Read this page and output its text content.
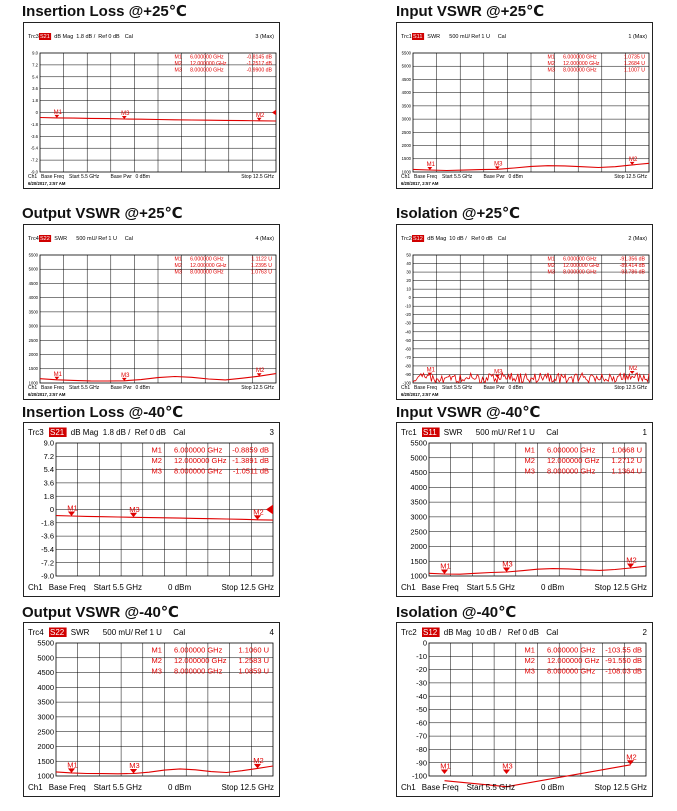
Insertion Loss @+25℃	Input VSWR @+25℃
Output VSWR @+25℃	Isolation @+25℃
Insertion Loss @-40℃	Input VSWR @-40℃
Output VSWR @-40℃	Isolation @-40℃
Trc3 S21 dB Mag 1.8 dB / Ref 0 dB Cal	3 (Max)
9.0
7.2
5.4
3.6
1.8
0
-1.8
-3.6
-5.4
-7.2
-9.0
M1	M2
M3
M1 6.000000 GHz	-0.8145 dB
M2 12.000000 GHz	-1.2517 dB
M3 8.000000 GHz	-0.9900 dB
Ch1 Base Freq Start 5.5 GHz Base Pwr 0 dBm	Stop 12.5 GHz
6/20/2017, 2:57 AM
Trc1 S11 SWR 500 mU/ Ref 1 U Cal	1 (Max)
5500
5000
4500
4000
3500
3000
2500
2000
1500
1000
M1
M2
M3
M1 6.000000 GHz	1.0735 U
M2 12.000000 GHz	1.2684 U
M3 8.000000 GHz	1.1007 U
Ch1 Base Freq Start 5.5 GHz Base Pwr 0 dBm	Stop 12.5 GHz
6/20/2017, 2:57 AM
Trc4 S22 SWR 500 mU/ Ref 1 U Cal	4 (Max)
5500
5000
4500
4000
3500
3000
2500
2000
1500
1000
M1
M2
M3
M1 6.000000 GHz	1.1122 U
M2 12.000000 GHz	1.2395 U
M3 8.000000 GHz	1.0763 U
Ch1 Base Freq Start 5.5 GHz Base Pwr 0 dBm	Stop 12.5 GHz
6/20/2017, 2:57 AM
Trc2 S12 dB Mag 10 dB / Ref 0 dB Cal	2 (Max)
50
40
30
20
10
0
-10
-20
-30
-40
-50
-60
-70
-80
-90
-100
M1	M2
M3
M1 6.000000 GHz	-91.356 dB
M2 12.000000 GHz	-89.414 dB
M3 8.000000 GHz	-93.786 dB
Ch1 Base Freq Start 5.5 GHz Base Pwr 0 dBm	Stop 12.5 GHz
6/20/2017, 2:57 AM
Trc3 S21 dB Mag 1.8 dB / Ref 0 dB Cal	3
9.0
7.2
5.4
3.6
1.8
0
-1.8
-3.6
-5.4
-7.2
-9.0
M1	M2
M3
M1 6.000000 GHz -0.8859 dB
M2 12.000000 GHz -1.3891 dB
M3 8.000000 GHz -1.0511 dB
Ch1 Base Freq Start 5.5 GHz	0 dBm	Stop 12.5 GHz
Trc1 S11 SWR 500 mU/ Ref 1 U Cal	1
5500
5000
4500
4000
3500
3000
2500
2000
1500
1000
M1
M2
M3
M1 6.000000 GHz 1.0668 U
M2 12.000000 GHz 1.2712 U
M3 8.000000 GHz 1.1364 U
Ch1 Base Freq Start 5.5 GHz	0 dBm	Stop 12.5 GHz
Trc4 S22 SWR 500 mU/ Ref 1 U Cal	4
5500
5000
4500
4000
3500
3000
2500
2000
1500
1000
M1
M2
M3
M1 6.000000 GHz 1.1060 U
M2 12.000000 GHz 1.2583 U
M3 8.000000 GHz 1.0859 U
Ch1 Base Freq Start 5.5 GHz	0 dBm	Stop 12.5 GHz
Trc2 S12 dB Mag 10 dB / Ref 0 dB Cal	2
0
-10
-20
-30
-40
-50
-60
-70
-80
-90
-100
M1
M2
M3
M1 6.000000 GHz -103.55 dB
M2 12.000000 GHz -91.550 dB
M3 8.000000 GHz -108.03 dB
Ch1 Base Freq Start 5.5 GHz	0 dBm	Stop 12.5 GHz
